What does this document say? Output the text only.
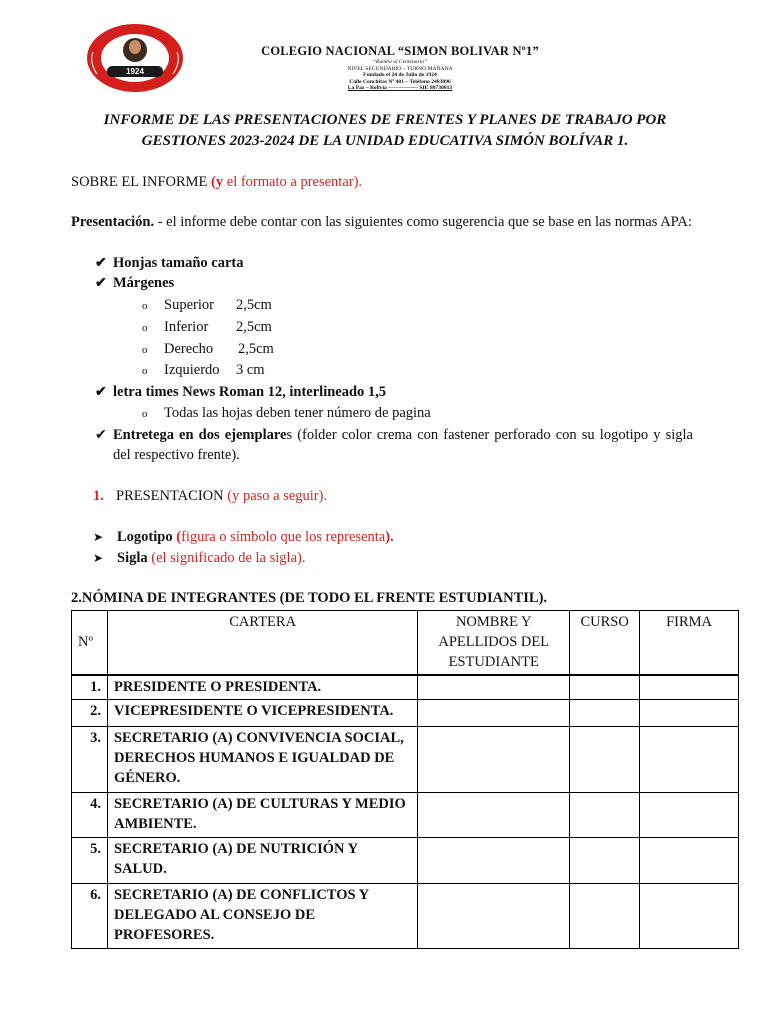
1924
COLEGIO NACIONAL “SIMON BOLIVAR Nº1”
“Rumbo al Centenario”
NIVEL SECUNDARIO – TURNO MAÑANA
Fundado el 24 de Julio de 1924
Calle Conchitas Nº 401 – Teléfono 2483096
La Paz – Bolivia ---------------- SIE 80730013
INFORME DE LAS PRESENTACIONES DE FRENTES Y PLANES DE TRABAJO POR
GESTIONES 2023-2024 DE LA UNIDAD EDUCATIVA SIMÓN BOLÍVAR 1.
SOBRE EL INFORME (y el formato a presentar).
Presentación. - el informe debe contar con las siguientes como sugerencia que se base en las normas APA:
✔ Honjas tamaño carta
✔ Márgenes
o Superior 2,5cm
o Inferior 2,5cm
o Derecho 2,5cm
o Izquierdo 3 cm
✔ letra times News Roman 12, interlineado 1,5
o Todas las hojas deben tener número de pagina
✔ Entretega en dos ejemplares (folder color crema con fastener perforado con su logotipo y sigla del respectivo frente).
1. PRESENTACION (y paso a seguir).
➤ Logotipo (figura o símbolo que los representa).
➤ Sigla (el significado de la sigla).
2.NÓMINA DE INTEGRANTES (DE TODO EL FRENTE ESTUDIANTIL).
Nº	CARTERA	NOMBRE Y APELLIDOS DEL ESTUDIANTE	CURSO	FIRMA
1.	PRESIDENTE O PRESIDENTA.			
2.	VICEPRESIDENTE O VICEPRESIDENTA.			
3.	SECRETARIO (A) CONVIVENCIA SOCIAL, DERECHOS HUMANOS E IGUALDAD DE GÉNERO.			
4.	SECRETARIO (A) DE CULTURAS Y MEDIO AMBIENTE.			
5.	SECRETARIO (A) DE NUTRICIÓN Y SALUD.			
6.	SECRETARIO (A) DE CONFLICTOS Y DELEGADO AL CONSEJO DE PROFESORES.			
